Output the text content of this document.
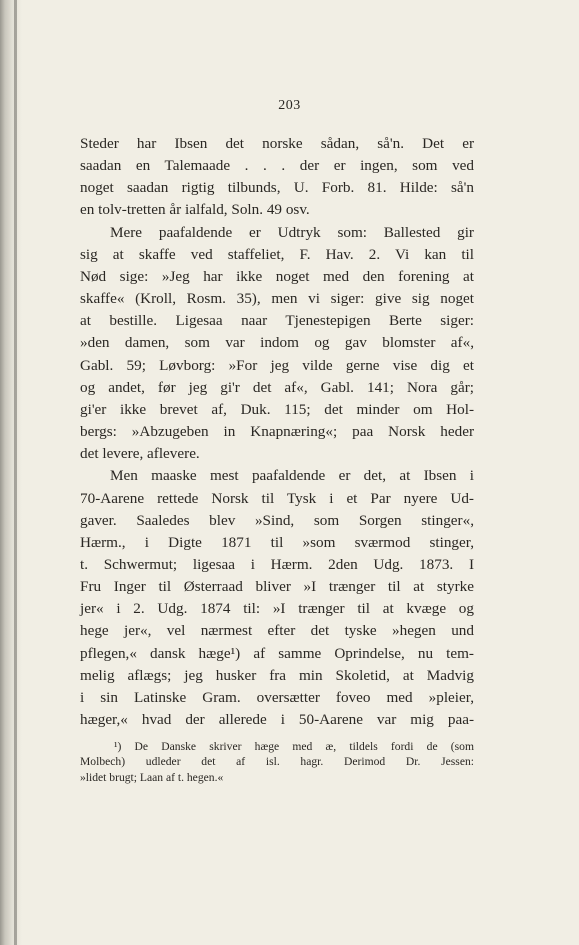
203
Steder har Ibsen det norske sådan, så'n. Det er
saadan en Talemaade . . . der er ingen, som ved
noget saadan rigtig tilbunds, U. Forb. 81. Hilde: så'n
en tolv-tretten år ialfald, Soln. 49 osv.
Mere paafaldende er Udtryk som: Ballested gir
sig at skaffe ved staffeliet, F. Hav. 2. Vi kan til
Nød sige: »Jeg har ikke noget med den forening at
skaffe« (Kroll, Rosm. 35), men vi siger: give sig noget
at bestille. Ligesaa naar Tjenestepigen Berte siger:
»den damen, som var indom og gav blomster af«,
Gabl. 59; Løvborg: »For jeg vilde gerne vise dig et
og andet, før jeg gi'r det af«, Gabl. 141; Nora går;
gi'er ikke brevet af, Duk. 115; det minder om Hol-
bergs: »Abzugeben in Knapnæring«; paa Norsk heder
det levere, aflevere.
Men maaske mest paafaldende er det, at Ibsen i
70-Aarene rettede Norsk til Tysk i et Par nyere Ud-
gaver. Saaledes blev »Sind, som Sorgen stinger«,
Hærm., i Digte 1871 til »som sværmod stinger,
t. Schwermut; ligesaa i Hærm. 2den Udg. 1873. I
Fru Inger til Østerraad bliver »I trænger til at styrke
jer« i 2. Udg. 1874 til: »I trænger til at kvæge og
hege jer«, vel nærmest efter det tyske »hegen und
pflegen,« dansk hæge¹) af samme Oprindelse, nu tem-
melig aflægs; jeg husker fra min Skoletid, at Madvig
i sin Latinske Gram. oversætter foveo med »pleier,
hæger,« hvad der allerede i 50-Aarene var mig paa-
¹) De Danske skriver hæge med æ, tildels fordi de (som
Molbech) udleder det af isl. hagr. Derimod Dr. Jessen:
»lidet brugt; Laan af t. hegen.«
